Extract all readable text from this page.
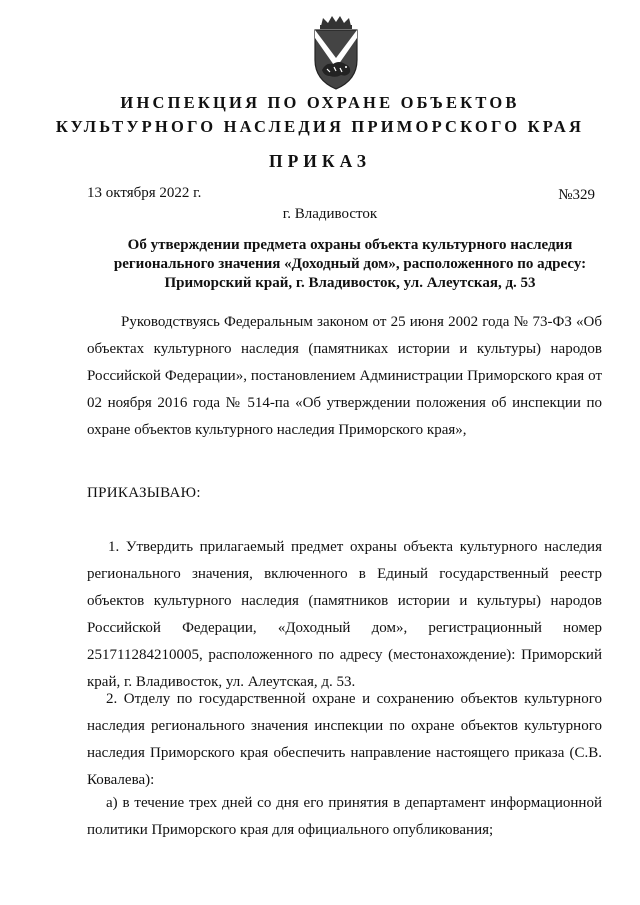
ИНСПЕКЦИЯ ПО ОХРАНЕ ОБЪЕКТОВ

КУЛЬТУРНОГО НАСЛЕДИЯ ПРИМОРСКОГО КРАЯ

ПРИКАЗ

13 октября 2022 г.	№329
г. Владивосток

Об утверждении предмета охраны объекта культурного наследия регионального значения «Доходный дом», расположенного по адресу: Приморский край, г. Владивосток, ул. Алеутская, д. 53

Руководствуясь Федеральным законом от 25 июня 2002 года № 73-ФЗ «Об объектах культурного наследия (памятниках истории и культуры) народов Российской Федерации», постановлением Администрации Приморского края от 02 ноября 2016 года № 514-па «Об утверждении положения об инспекции по охране объектов культурного наследия Приморского края»,

ПРИКАЗЫВАЮ:

1. Утвердить прилагаемый предмет охраны объекта культурного наследия регионального значения, включенного в Единый государственный реестр объектов культурного наследия (памятников истории и культуры) народов Российской Федерации, «Доходный дом», регистрационный номер 251711284210005, расположенного по адресу (местонахождение): Приморский край, г. Владивосток, ул. Алеутская, д. 53.

2. Отделу по государственной охране и сохранению объектов культурного наследия регионального значения инспекции по охране объектов культурного наследия Приморского края обеспечить направление настоящего приказа (С.В. Ковалева):

а) в течение трех дней со дня его принятия в департамент информационной политики Приморского края для официального опубликования;
